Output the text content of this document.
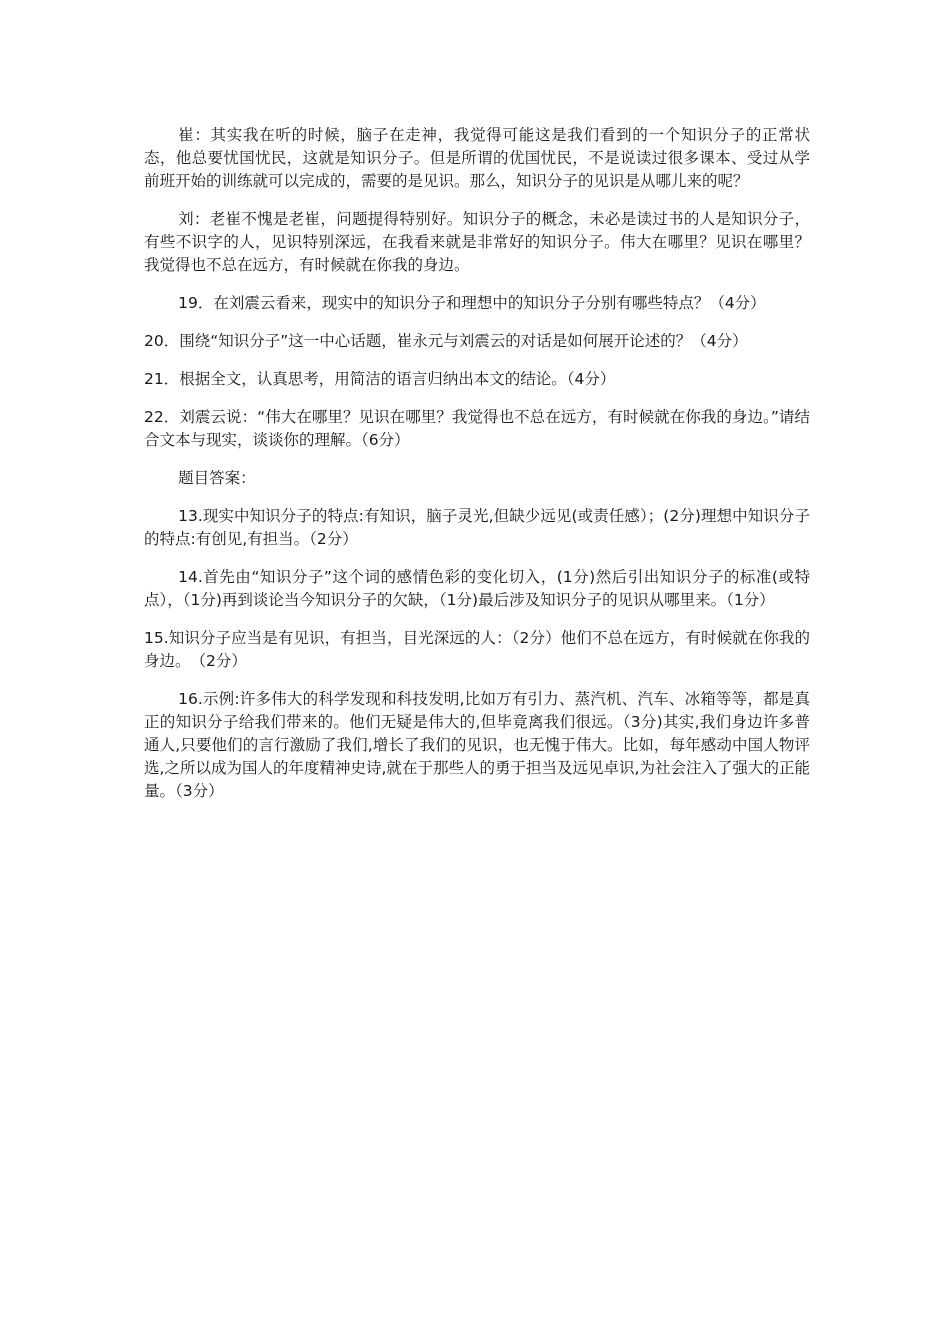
崔：其实我在听的时候，脑子在走神，我觉得可能这是我们看到的一个知识分子的正常状态，他总要忧国忧民，这就是知识分子。但是所谓的优国忧民，不是说读过很多课本、受过从学前班开始的训练就可以完成的，需要的是见识。那么，知识分子的见识是从哪儿来的呢？

刘：老崔不愧是老崔，问题提得特别好。知识分子的概念，未必是读过书的人是知识分子，有些不识字的人，见识特别深远，在我看来就是非常好的知识分子。伟大在哪里？见识在哪里？我觉得也不总在远方，有时候就在你我的身边。

19．在刘震云看来，现实中的知识分子和理想中的知识分子分别有哪些特点？（4分）

20．围绕“知识分子”这一中心话题，崔永元与刘震云的对话是如何展开论述的？（4分）

21．根据全文，认真思考，用简洁的语言归纳出本文的结论。（4分）

22．刘震云说：“伟大在哪里？见识在哪里？我觉得也不总在远方，有时候就在你我的身边。”请结合文本与现实，谈谈你的理解。（6分）

题目答案：

13.现实中知识分子的特点:有知识，脑子灵光,但缺少远见(或责任感）；(2分)理想中知识分子的特点:有创见,有担当。（2分）

14.首先由“知识分子”这个词的感情色彩的变化切入，(1分)然后引出知识分子的标准(或特点），（1分)再到谈论当今知识分子的欠缺，（1分)最后涉及知识分子的见识从哪里来。（1分）

15.知识分子应当是有见识，有担当，目光深远的人：（2分）他们不总在远方，有时候就在你我的身边。　（2分）

16.示例:许多伟大的科学发现和科技发明,比如万有引力、蒸汽机、汽车、冰箱等等，都是真正的知识分子给我们带来的。他们无疑是伟大的,但毕竟离我们很远。（3分)其实,我们身边许多普通人,只要他们的言行激励了我们,增长了我们的见识，也无愧于伟大。比如，每年感动中国人物评选,之所以成为国人的年度精神史诗,就在于那些人的勇于担当及远见卓识,为社会注入了强大的正能量。（3分）
